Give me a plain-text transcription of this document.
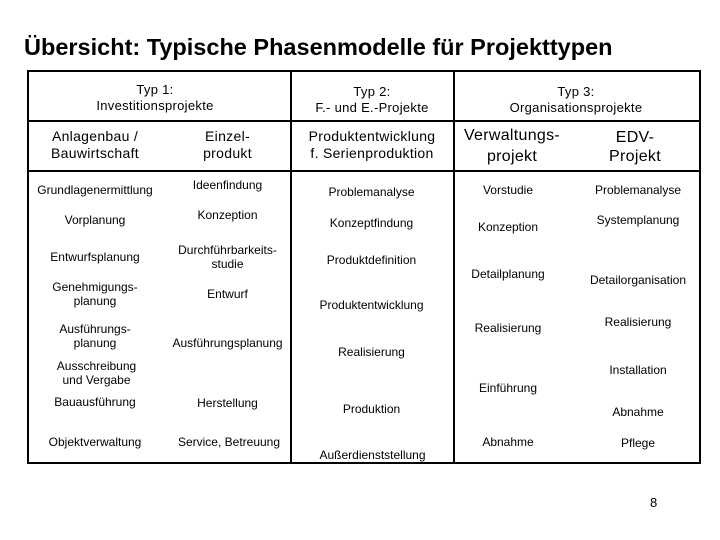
Übersicht: Typische Phasenmodelle für Projekttypen
Typ 1:
Investitionsprojekte
Typ 2:
F.- und E.-Projekte
Typ 3:
Organisationsprojekte
Anlagenbau /
Bauwirtschaft
Einzel-
produkt
Produktentwicklung
f. Serienproduktion
Verwaltungs-
projekt
EDV-
Projekt
Grundlagenermittlung
Vorplanung
Entwurfsplanung
Genehmigungs-
planung
Ausführungs-
planung
Ausschreibung
und Vergabe
Bauausführung
Objektverwaltung
Ideenfindung
Konzeption
Durchführbarkeits-
studie
Entwurf
Ausführungsplanung
Herstellung
Service, Betreuung
Problemanalyse
Konzeptfindung
Produktdefinition
Produktentwicklung
Realisierung
Produktion
Außerdienststellung
Vorstudie
Konzeption
Detailplanung
Realisierung
Einführung
Abnahme
Problemanalyse
Systemplanung
Detailorganisation
Realisierung
Installation
Abnahme
Pflege
8
